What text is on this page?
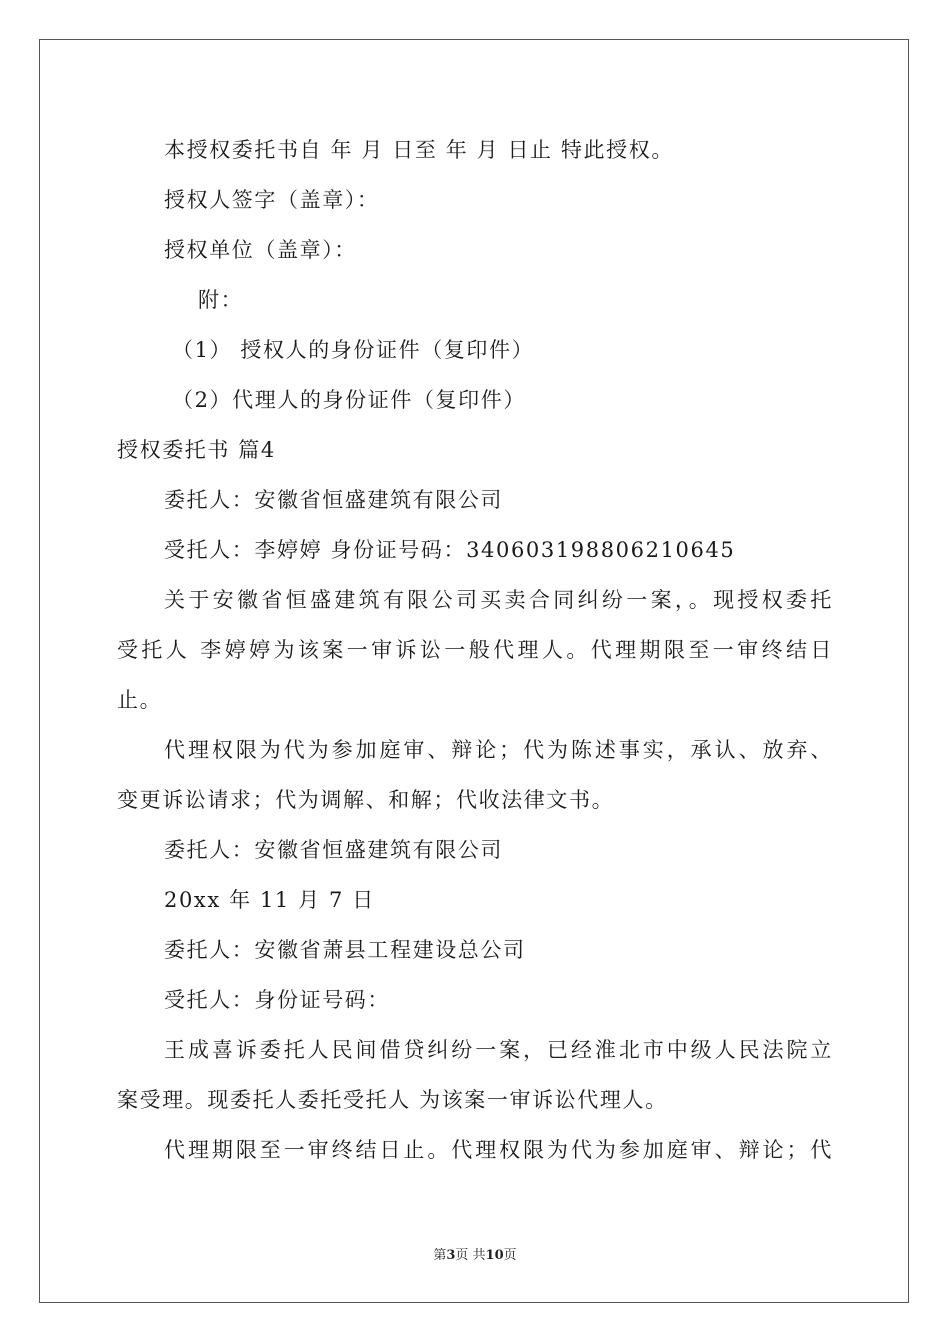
本授权委托书自 年 月 日至 年 月 日止 特此授权。
授权人签字（盖章）：
授权单位（盖章）：
附：
（1） 授权人的身份证件（复印件）
（2）代理人的身份证件（复印件）
授权委托书 篇4
委托人：安徽省恒盛建筑有限公司
受托人：李婷婷 身份证号码：340603198806210645
关于安徽省恒盛建筑有限公司买卖合同纠纷一案，。现授权委托
受托人 李婷婷为该案一审诉讼一般代理人。代理期限至一审终结日
止。
代理权限为代为参加庭审、辩论；代为陈述事实，承认、放弃、
变更诉讼请求；代为调解、和解；代收法律文书。
委托人：安徽省恒盛建筑有限公司
20xx 年 11 月 7 日
委托人：安徽省萧县工程建设总公司
受托人：身份证号码：
王成喜诉委托人民间借贷纠纷一案，已经淮北市中级人民法院立
案受理。现委托人委托受托人 为该案一审诉讼代理人。
代理期限至一审终结日止。代理权限为代为参加庭审、辩论；代
第3页 共10页
